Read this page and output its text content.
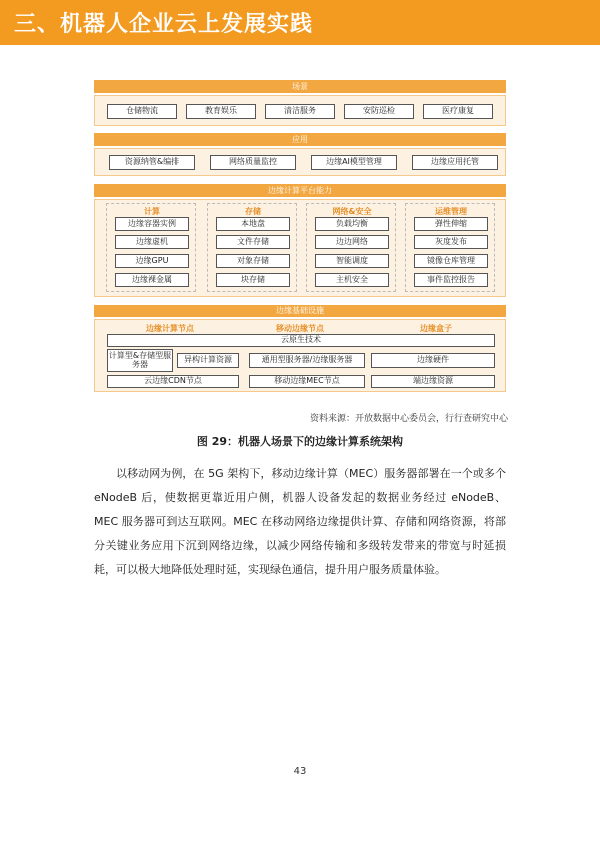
三、机器人企业云上发展实践
场景
仓储物流	教育娱乐	清洁服务	安防巡检	医疗康复
应用
资源纳管&编排	网络质量监控	边缘AI模型管理	边缘应用托管
边缘计算平台能力
计算
边缘容器实例
边缘虚机
边缘GPU
边缘裸金属
存储
本地盘
文件存储
对象存储
块存储
网络&安全
负载均衡
边边网络
智能调度
主机安全
运维管理
弹性伸缩
灰度发布
镜像仓库管理
事件监控报告
边缘基础设施
边缘计算节点	移动边缘节点	边缘盒子
云原生技术
计算型&存储型服务器	异构计算资源	通用型服务器/边缘服务器	边缘硬件
云边缘CDN节点	移动边缘MEC节点	端边缘资源
资料来源：开放数据中心委员会，行行查研究中心
图 29：机器人场景下的边缘计算系统架构
以移动网为例，在 5G 架构下，移动边缘计算（MEC）服务器部署在一个或多个 eNodeB 后，使数据更靠近用户侧，机器人设备发起的数据业务经过 eNodeB、MEC 服务器可到达互联网。MEC 在移动网络边缘提供计算、存储和网络资源，将部分关键业务应用下沉到网络边缘，以减少网络传输和多级转发带来的带宽与时延损耗，可以极大地降低处理时延，实现绿色通信，提升用户服务质量体验。
43
